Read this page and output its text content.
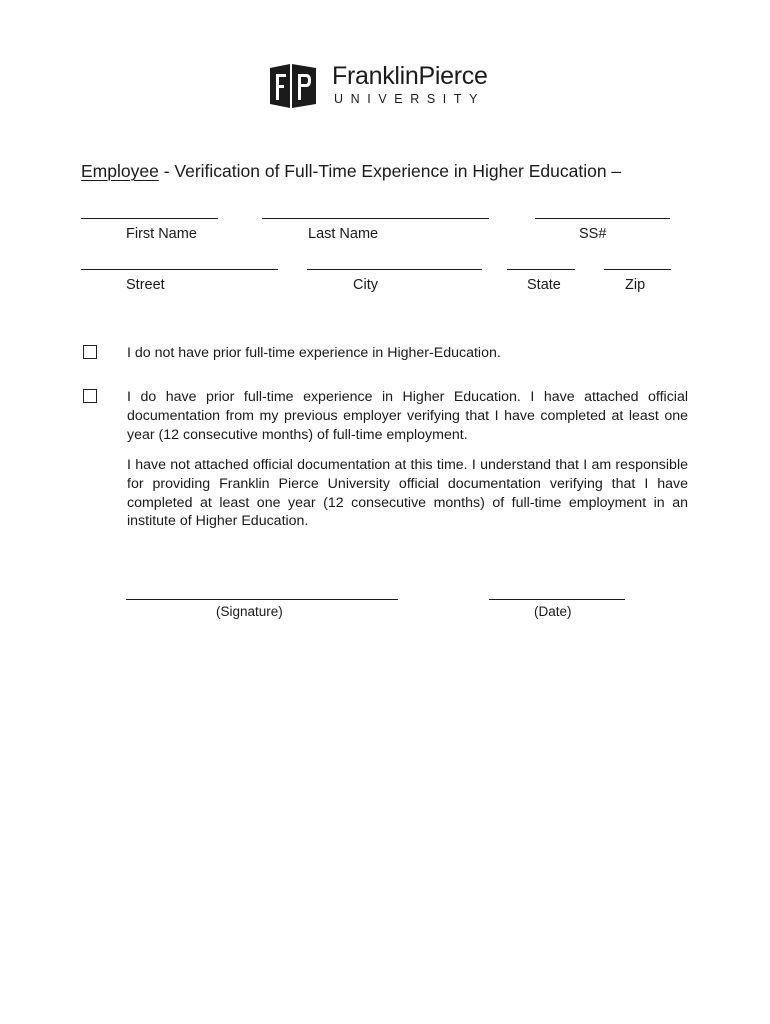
FranklinPierce
UNIVERSITY
Employee - Verification of Full-Time Experience in Higher Education –
First Name	Last Name	SS#
Street	City	State	Zip
I do not have prior full-time experience in Higher-Education.
I do have prior full-time experience in Higher Education. I have attached official documentation from my previous employer verifying that I have completed at least one year (12 consecutive months) of full-time employment.
I have not attached official documentation at this time. I understand that I am responsible for providing Franklin Pierce University official documentation verifying that I have completed at least one year (12 consecutive months) of full-time employment in an institute of Higher Education.
(Signature)	(Date)
